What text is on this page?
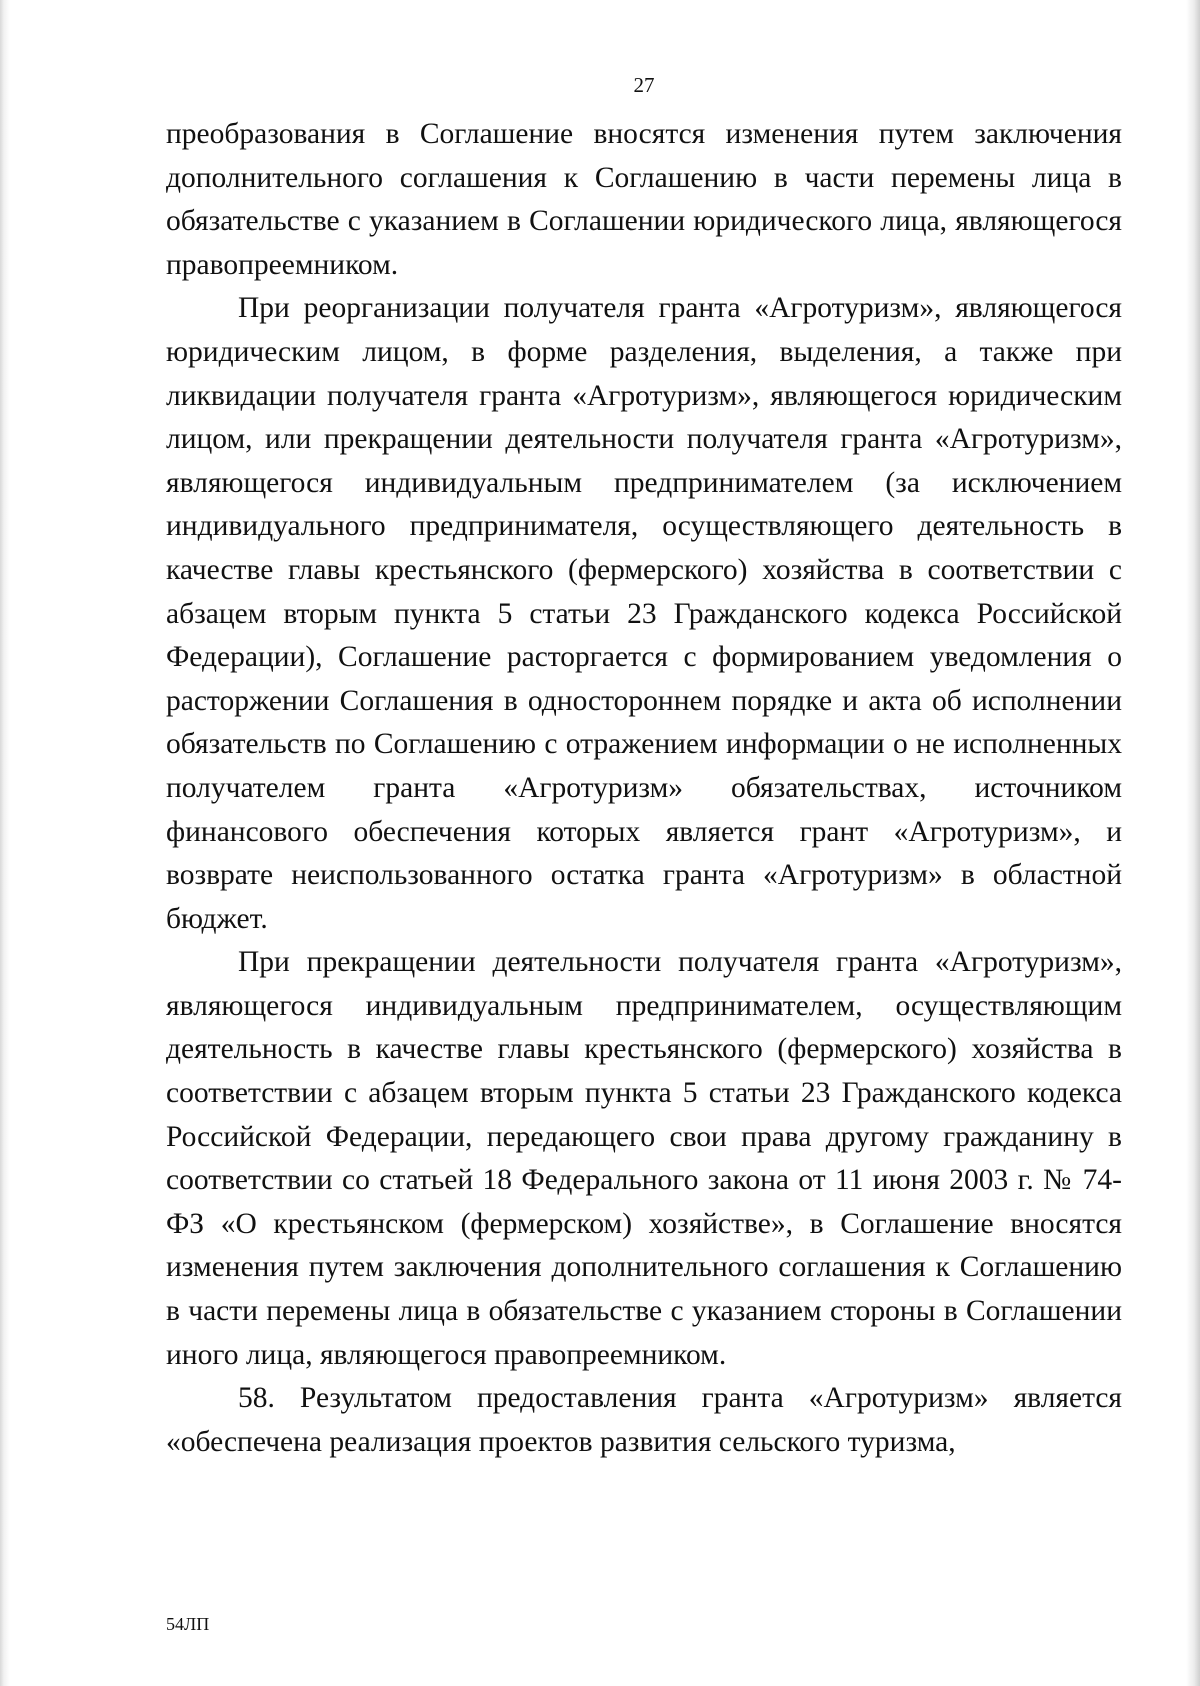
27

преобразования в Соглашение вносятся изменения путем заключения дополнительного соглашения к Соглашению в части перемены лица в обязательстве с указанием в Соглашении юридического лица, являющегося правопреемником.

При реорганизации получателя гранта «Агротуризм», являющегося юридическим лицом, в форме разделения, выделения, а также при ликвидации получателя гранта «Агротуризм», являющегося юридическим лицом, или прекращении деятельности получателя гранта «Агротуризм», являющегося индивидуальным предпринимателем (за исключением индивидуального предпринимателя, осуществляющего деятельность в качестве главы крестьянского (фермерского) хозяйства в соответствии с абзацем вторым пункта 5 статьи 23 Гражданского кодекса Российской Федерации), Соглашение расторгается с формированием уведомления о расторжении Соглашения в одностороннем порядке и акта об исполнении обязательств по Соглашению с отражением информации о не исполненных получателем гранта «Агротуризм» обязательствах, источником финансового обеспечения которых является грант «Агротуризм», и возврате неиспользованного остатка гранта «Агротуризм» в областной бюджет.

При прекращении деятельности получателя гранта «Агротуризм», являющегося индивидуальным предпринимателем, осуществляющим деятельность в качестве главы крестьянского (фермерского) хозяйства в соответствии с абзацем вторым пункта 5 статьи 23 Гражданского кодекса Российской Федерации, передающего свои права другому гражданину в соответствии со статьей 18 Федерального закона от 11 июня 2003 г. № 74-ФЗ «О крестьянском (фермерском) хозяйстве», в Соглашение вносятся изменения путем заключения дополнительного соглашения к Соглашению в части перемены лица в обязательстве с указанием стороны в Соглашении иного лица, являющегося правопреемником.

58. Результатом предоставления гранта «Агротуризм» является «обеспечена реализация проектов развития сельского туризма,

54ЛП
